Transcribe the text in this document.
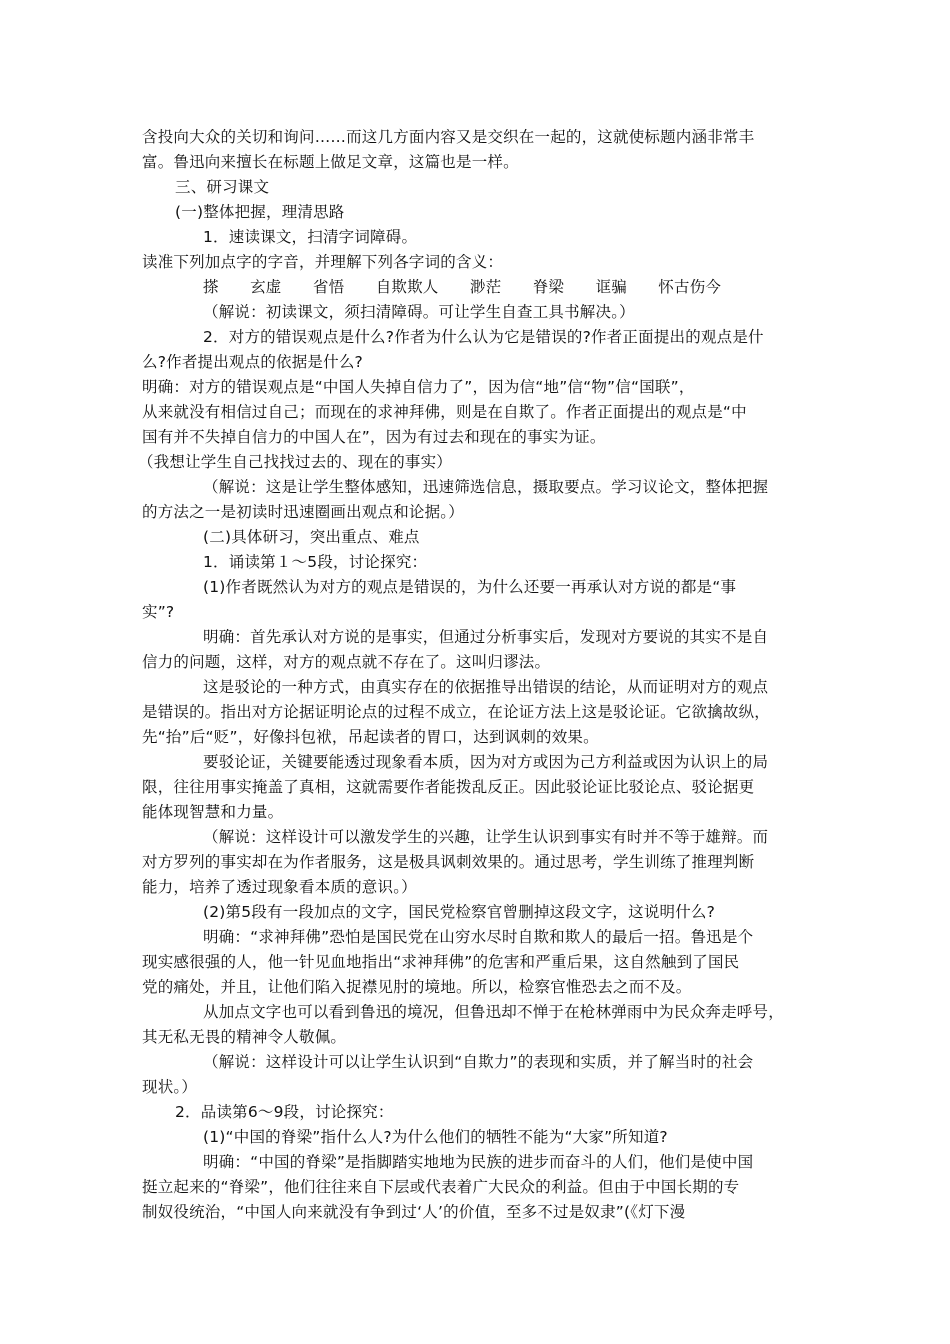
含投向大众的关切和询问……而这几方面内容又是交织在一起的，这就使标题内涵非常丰
富。鲁迅向来擅长在标题上做足文章，这篇也是一样。
三、研习课文
(一)整体把握，理清思路
1．速读课文，扫清字词障碍。
读准下列加点字的字音，并理解下列各字词的含义：
搽　　玄虚　　省悟　　自欺欺人　　渺茫　　脊梁　　诓骗　　怀古伤今
（解说：初读课文，须扫清障碍。可让学生自查工具书解决。）
2．对方的错误观点是什么?作者为什么认为它是错误的?作者正面提出的观点是什
么?作者提出观点的依据是什么?
明确：对方的错误观点是“中国人失掉自信力了”，因为信“地”信“物”信“国联”，
从来就没有相信过自己；而现在的求神拜佛，则是在自欺了。作者正面提出的观点是“中
国有并不失掉自信力的中国人在”，因为有过去和现在的事实为证。
（我想让学生自己找找过去的、现在的事实）
（解说：这是让学生整体感知，迅速筛选信息，摄取要点。学习议论文，整体把握
的方法之一是初读时迅速圈画出观点和论据。）
(二)具体研习，突出重点、难点
1．诵读第１～5段，讨论探究：
(1)作者既然认为对方的观点是错误的，为什么还要一再承认对方说的都是“事
实”?
明确：首先承认对方说的是事实，但通过分析事实后，发现对方要说的其实不是自
信力的问题，这样，对方的观点就不存在了。这叫归谬法。
这是驳论的一种方式，由真实存在的依据推导出错误的结论，从而证明对方的观点
是错误的。指出对方论据证明论点的过程不成立，在论证方法上这是驳论证。它欲擒故纵，
先“抬”后“贬”，好像抖包袱，吊起读者的胃口，达到讽刺的效果。
要驳论证，关键要能透过现象看本质，因为对方或因为己方利益或因为认识上的局
限，往往用事实掩盖了真相，这就需要作者能拨乱反正。因此驳论证比驳论点、驳论据更
能体现智慧和力量。
（解说：这样设计可以激发学生的兴趣，让学生认识到事实有时并不等于雄辩。而
对方罗列的事实却在为作者服务，这是极具讽刺效果的。通过思考，学生训练了推理判断
能力，培养了透过现象看本质的意识。）
(2)第5段有一段加点的文字，国民党检察官曾删掉这段文字，这说明什么?
明确：“求神拜佛”恐怕是国民党在山穷水尽时自欺和欺人的最后一招。鲁迅是个
现实感很强的人，他一针见血地指出“求神拜佛”的危害和严重后果，这自然触到了国民
党的痛处，并且，让他们陷入捉襟见肘的境地。所以，检察官惟恐去之而不及。
从加点文字也可以看到鲁迅的境况，但鲁迅却不惮于在枪林弹雨中为民众奔走呼号，
其无私无畏的精神令人敬佩。
（解说：这样设计可以让学生认识到“自欺力”的表现和实质，并了解当时的社会
现状。）
2．品读第6～9段，讨论探究：
(1)“中国的脊梁”指什么人?为什么他们的牺牲不能为“大家”所知道?
明确：“中国的脊梁”是指脚踏实地地为民族的进步而奋斗的人们，他们是使中国
挺立起来的“脊梁”，他们往往来自下层或代表着广大民众的利益。但由于中国长期的专
制奴役统治，“中国人向来就没有争到过‘人’的价值，至多不过是奴隶”(《灯下漫
